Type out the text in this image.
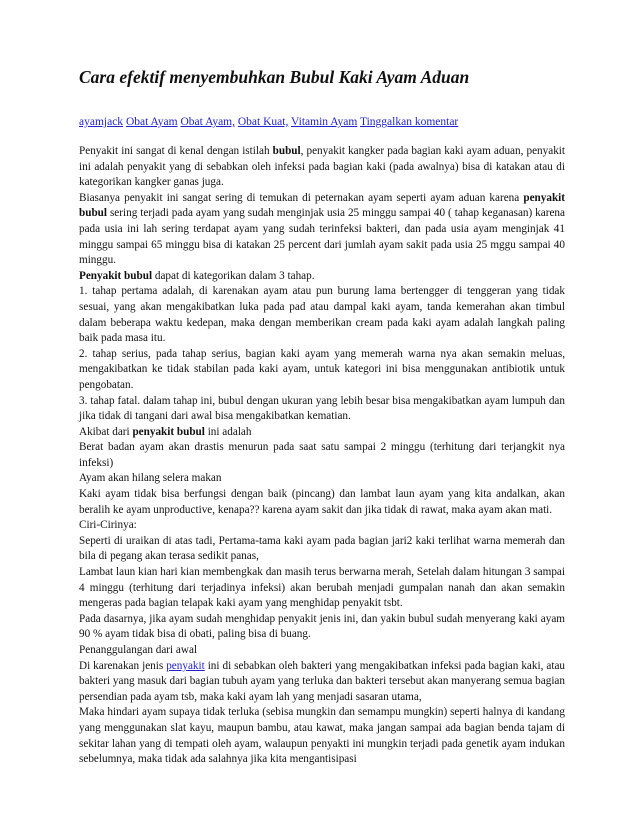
Cara efektif menyembuhkan Bubul Kaki Ayam Aduan
ayamjack Obat Ayam Obat Ayam, Obat Kuat, Vitamin Ayam Tinggalkan komentar

Penyakit ini sangat di kenal dengan istilah bubul, penyakit kangker pada bagian kaki ayam aduan, penyakit ini adalah penyakit yang di sebabkan oleh infeksi pada bagian kaki (pada awalnya) bisa di katakan atau di kategorikan kangker ganas juga.

Biasanya penyakit ini sangat sering di temukan di peternakan ayam seperti ayam aduan karena penyakit bubul sering terjadi pada ayam yang sudah menginjak usia 25 minggu sampai 40 ( tahap keganasan) karena pada usia ini lah sering terdapat ayam yang sudah terinfeksi bakteri, dan pada usia ayam menginjak 41 minggu sampai 65 minggu bisa di katakan 25 percent dari jumlah ayam sakit pada usia 25 mggu sampai 40 minggu.

Penyakit bubul dapat di kategorikan dalam 3 tahap.

1. tahap pertama adalah, di karenakan ayam atau pun burung lama bertengger di tenggeran yang tidak sesuai, yang akan mengakibatkan luka pada pad atau dampal kaki ayam, tanda kemerahan akan timbul dalam beberapa waktu kedepan, maka dengan memberikan cream pada kaki ayam adalah langkah paling baik pada masa itu.

2. tahap serius, pada tahap serius, bagian kaki ayam yang memerah warna nya akan semakin meluas, mengakibatkan ke tidak stabilan pada kaki ayam, untuk kategori ini bisa menggunakan antibiotik untuk pengobatan.

3. tahap fatal. dalam tahap ini, bubul dengan ukuran yang lebih besar bisa mengakibatkan ayam lumpuh dan jika tidak di tangani dari awal bisa mengakibatkan kematian.

Akibat dari penyakit bubul ini adalah

Berat badan ayam akan drastis menurun pada saat satu sampai 2 minggu (terhitung dari terjangkit nya infeksi)

Ayam akan hilang selera makan

Kaki ayam tidak bisa berfungsi dengan baik (pincang) dan lambat laun ayam yang kita andalkan, akan beralih ke ayam unproductive, kenapa?? karena ayam sakit dan jika tidak di rawat, maka ayam akan mati.

Ciri-Cirinya:

Seperti di uraikan di atas tadi, Pertama-tama kaki ayam pada bagian jari2 kaki terlihat warna memerah dan bila di pegang akan terasa sedikit panas,

Lambat laun kian hari kian membengkak dan masih terus berwarna merah, Setelah dalam hitungan 3 sampai 4 minggu (terhitung dari terjadinya infeksi) akan berubah menjadi gumpalan nanah dan akan semakin mengeras pada bagian telapak kaki ayam yang menghidap penyakit tsbt.

Pada dasarnya, jika ayam sudah menghidap penyakit jenis ini, dan yakin bubul sudah menyerang kaki ayam 90 % ayam tidak bisa di obati, paling bisa di buang.

Penanggulangan dari awal

Di karenakan jenis penyakit ini di sebabkan oleh bakteri yang mengakibatkan infeksi pada bagian kaki, atau bakteri yang masuk dari bagian tubuh ayam yang terluka dan bakteri tersebut akan manyerang semua bagian persendian pada ayam tsb, maka kaki ayam lah yang menjadi sasaran utama,

Maka hindari ayam supaya tidak terluka (sebisa mungkin dan semampu mungkin) seperti halnya di kandang yang menggunakan slat kayu, maupun bambu, atau kawat, maka jangan sampai ada bagian benda tajam di sekitar lahan yang di tempati oleh ayam, walaupun penyakti ini mungkin terjadi pada genetik ayam indukan sebelumnya, maka tidak ada salahnya jika kita mengantisipasi
